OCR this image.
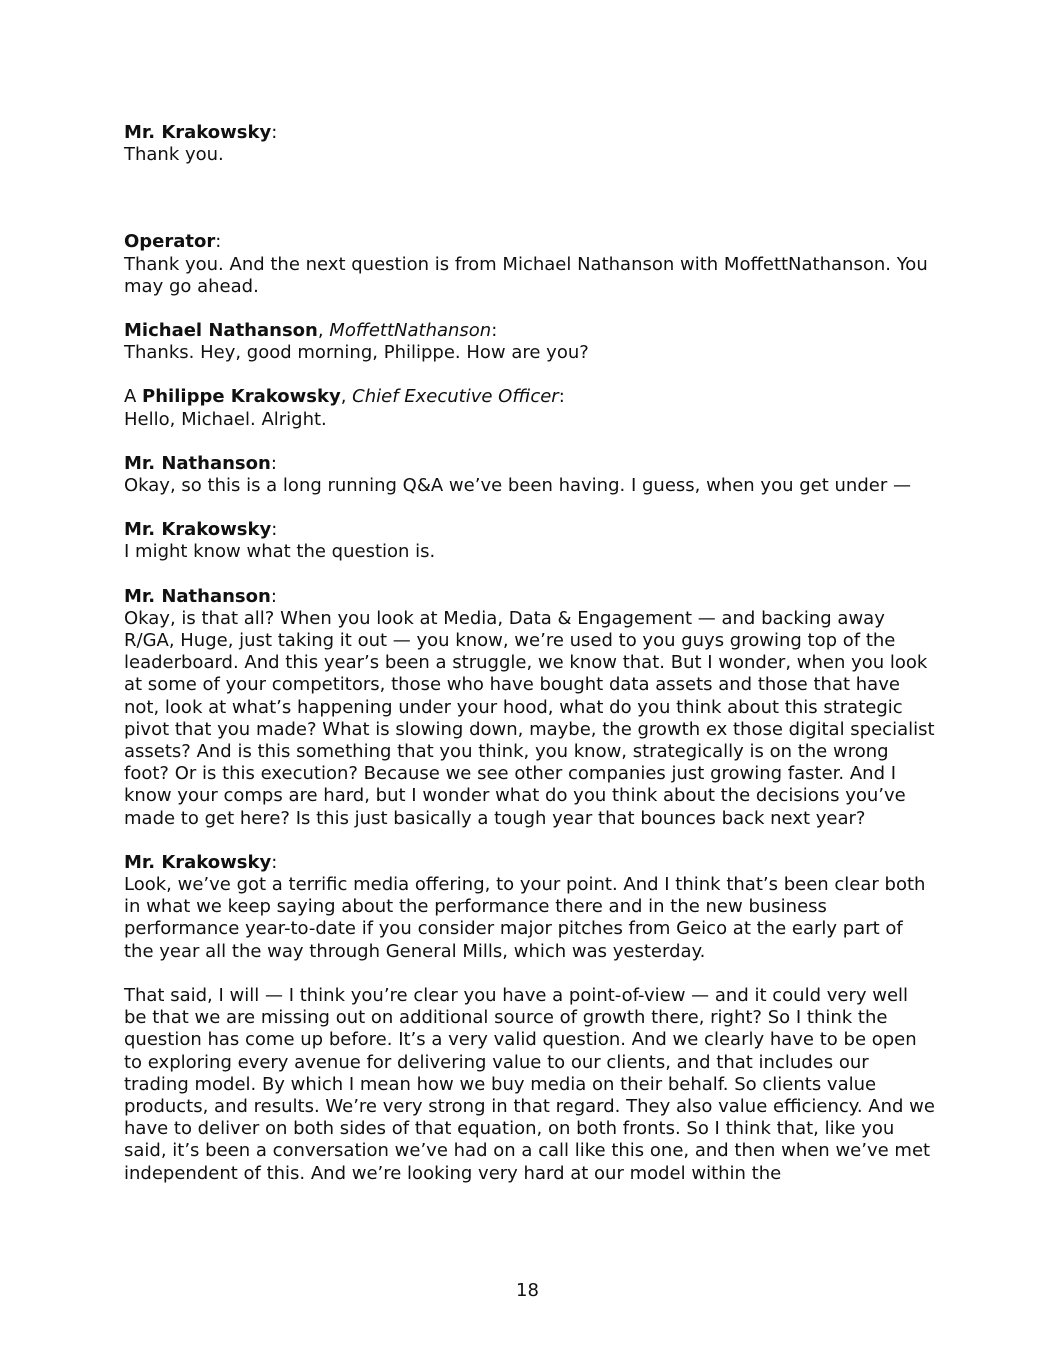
Mr. Krakowsky:
Thank you.
Operator:
Thank you. And the next question is from Michael Nathanson with MoffettNathanson. You may go ahead.
Michael Nathanson, MoffettNathanson:
Thanks. Hey, good morning, Philippe. How are you?
A Philippe Krakowsky, Chief Executive Officer:
Hello, Michael. Alright.
Mr. Nathanson:
Okay, so this is a long running Q&A we’ve been having. I guess, when you get under —
Mr. Krakowsky:
I might know what the question is.
Mr. Nathanson:
Okay, is that all? When you look at Media, Data & Engagement — and backing away R/GA, Huge, just taking it out — you know, we’re used to you guys growing top of the leaderboard. And this year’s been a struggle, we know that. But I wonder, when you look at some of your competitors, those who have bought data assets and those that have not, look at what’s happening under your hood, what do you think about this strategic pivot that you made? What is slowing down, maybe, the growth ex those digital specialist assets? And is this something that you think, you know, strategically is on the wrong foot? Or is this execution? Because we see other companies just growing faster. And I know your comps are hard, but I wonder what do you think about the decisions you’ve made to get here? Is this just basically a tough year that bounces back next year?
Mr. Krakowsky:
Look, we’ve got a terrific media offering, to your point. And I think that’s been clear both in what we keep saying about the performance there and in the new business performance year-to-date if you consider major pitches from Geico at the early part of the year all the way through General Mills, which was yesterday.
That said, I will — I think you’re clear you have a point-of-view — and it could very well be that we are missing out on additional source of growth there, right? So I think the question has come up before. It’s a very valid question. And we clearly have to be open to exploring every avenue for delivering value to our clients, and that includes our trading model. By which I mean how we buy media on their behalf. So clients value products, and results. We’re very strong in that regard. They also value efficiency. And we have to deliver on both sides of that equation, on both fronts. So I think that, like you said, it’s been a conversation we’ve had on a call like this one, and then when we’ve met independent of this. And we’re looking very hard at our model within the
18
